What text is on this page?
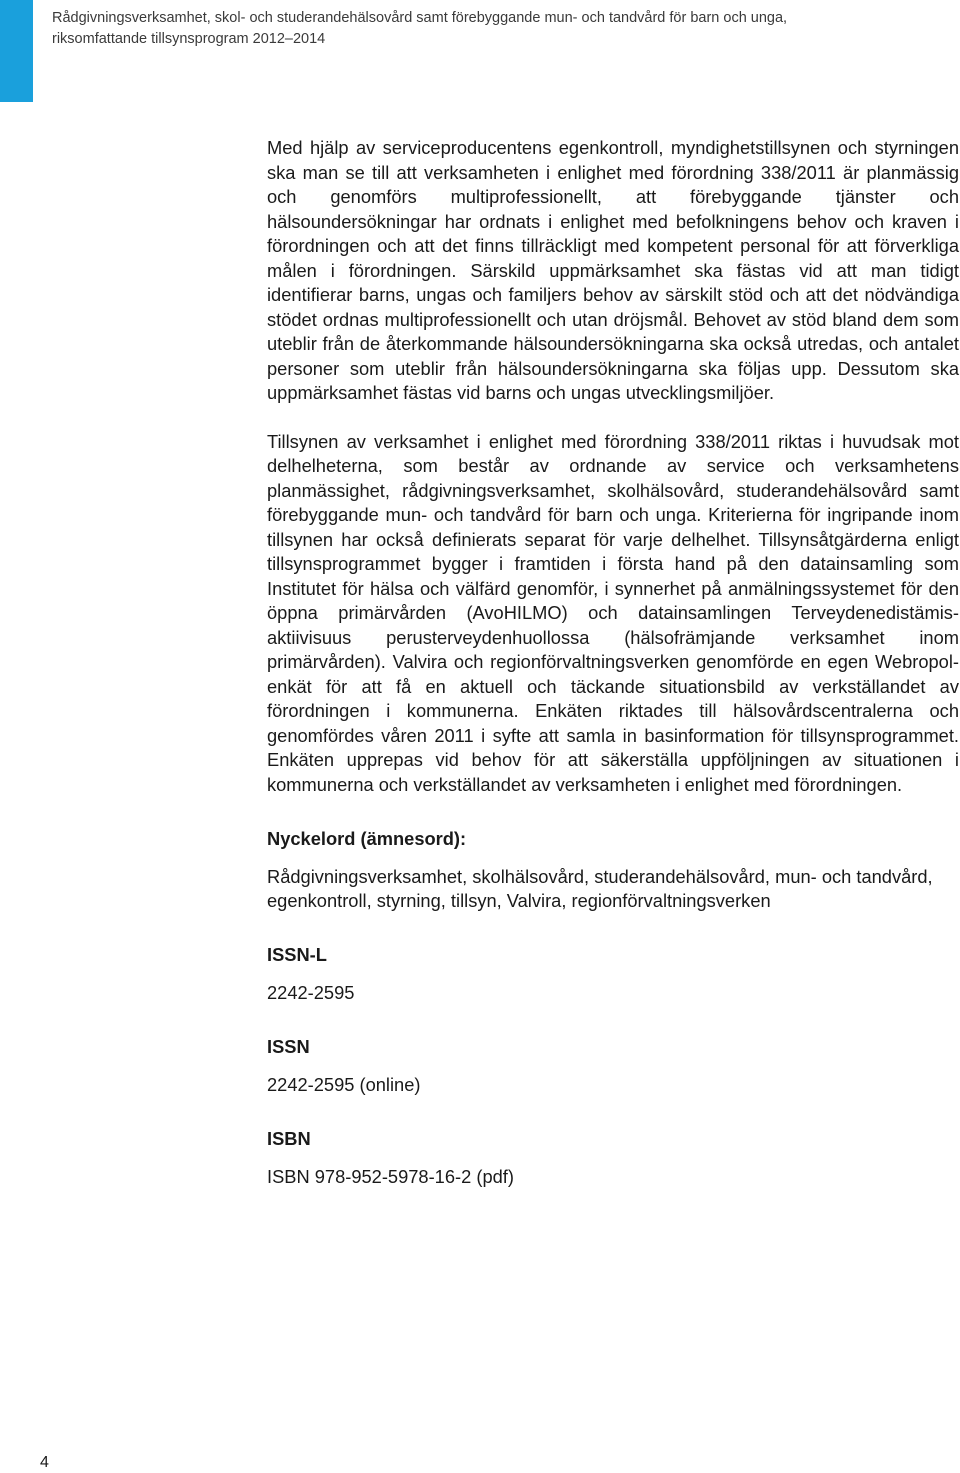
Rådgivningsverksamhet, skol- och studerandehälsovård samt förebyggande mun- och tandvård för barn och unga,
riksomfattande tillsynsprogram 2012–2014

Med hjälp av serviceproducentens egenkontroll, myndighetstillsynen och styrningen ska man se till att verksamheten i enlighet med förordning 338/2011 är planmässig och genomförs multiprofessionellt, att förebyggande tjänster och hälsoundersökningar har ordnats i enlighet med befolkningens behov och kraven i förordningen och att det finns tillräckligt med kompetent personal för att förverkliga målen i förordningen. Särskild uppmärksamhet ska fästas vid att man tidigt identifierar barns, ungas och familjers behov av särskilt stöd och att det nödvändiga stödet ordnas multiprofessionellt och utan dröjsmål. Behovet av stöd bland dem som uteblir från de återkommande hälsoundersökningarna ska också utredas, och antalet personer som uteblir från hälsoundersökningarna ska följas upp. Dessutom ska uppmärksamhet fästas vid barns och ungas utvecklingsmiljöer.

Tillsynen av verksamhet i enlighet med förordning 338/2011 riktas i huvudsak mot delhelheterna, som består av ordnande av service och verksamhetens planmässighet, rådgivningsverksamhet, skolhälsovård, studerandehälsovård samt förebyggande mun- och tandvård för barn och unga. Kriterierna för ingripande inom tillsynen har också definierats separat för varje delhelhet. Tillsynsåtgärderna enligt tillsynsprogrammet bygger i framtiden i första hand på den datainsamling som Institutet för hälsa och välfärd genomför, i synnerhet på anmälningssystemet för den öppna primärvården (AvoHILMO) och datainsamlingen Terveydenedistämisaktiivisuus perusterveydenhuollossa (hälsofrämjande verksamhet inom primärvården). Valvira och regionförvaltningsverken genomförde en egen Webropol-enkät för att få en aktuell och täckande situationsbild av verkställandet av förordningen i kommunerna. Enkäten riktades till hälsovårdscentralerna och genomfördes våren 2011 i syfte att samla in basinformation för tillsynsprogrammet. Enkäten upprepas vid behov för att säkerställa uppföljningen av situationen i kommunerna och verkställandet av verksamheten i enlighet med förordningen.

Nyckelord (ämnesord):
Rådgivningsverksamhet, skolhälsovård, studerandehälsovård, mun- och tandvård, egenkontroll, styrning, tillsyn, Valvira, regionförvaltningsverken
ISSN-L
2242-2595
ISSN
2242-2595 (online)
ISBN
ISBN 978-952-5978-16-2 (pdf)
4
